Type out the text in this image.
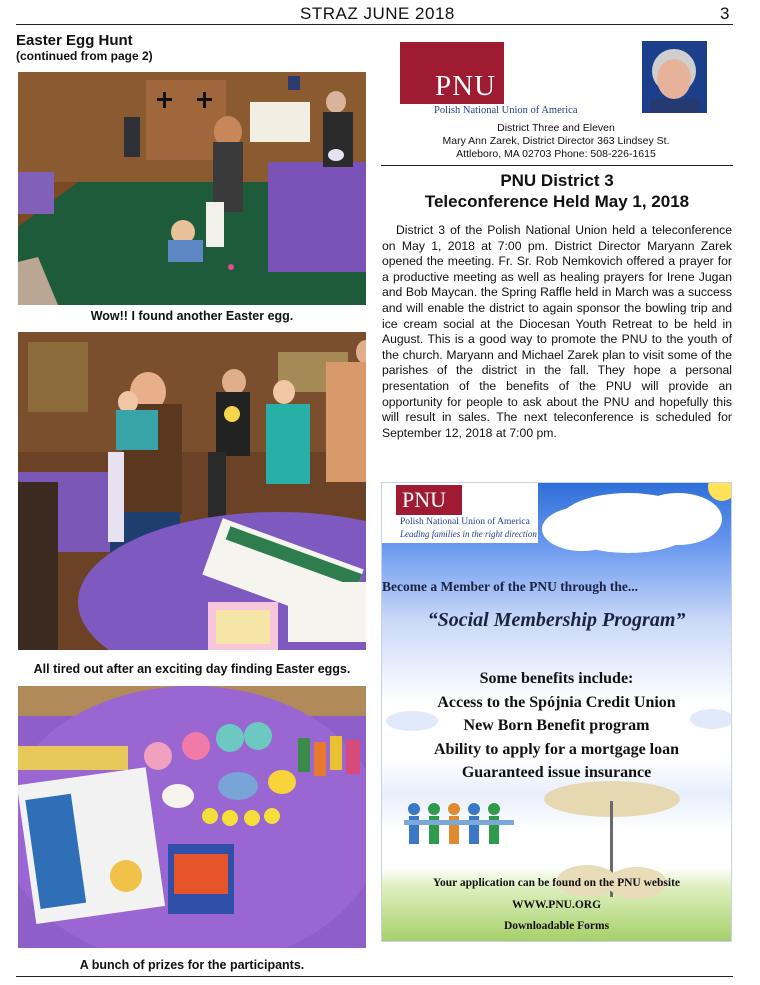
STRAZ JUNE 2018	3
Easter Egg Hunt
(continued from page 2)
Wow!! I found another Easter egg.
All tired out after an exciting day finding Easter eggs.
A bunch of prizes for the participants.
PNU
Polish National Union of America
District Three and Eleven
Mary Ann Zarek, District Director 363 Lindsey St.
Attleboro, MA 02703 Phone: 508-226-1615
PNU District 3
Teleconference Held May 1, 2018
District 3 of the Polish National Union held a teleconference on May 1, 2018 at 7:00 pm. District Director Maryann Zarek opened the meeting. Fr. Sr. Rob Nemkovich offered a prayer for a productive meeting as well as healing prayers for Irene Jugan and Bob Maycan. the Spring Raffle held in March was a success and will enable the district to again sponsor the bowling trip and ice cream social at the Diocesan Youth Retreat to be held in August. This is a good way to promote the PNU to the youth of the church. Maryann and Michael Zarek plan to visit some of the parishes of the district in the fall. They hope a personal presentation of the benefits of the PNU will provide an opportunity for people to ask about the PNU and hopefully this will result in sales. The next teleconference is scheduled for September 12, 2018 at 7:00 pm.
PNU
Polish National Union of America
Leading families in the right direction
Become a Member of the PNU through the...
“Social Membership Program”
Some benefits include:
Access to the Spójnia Credit Union
New Born Benefit program
Ability to apply for a mortgage loan
Guaranteed issue insurance
Your application can be found on the PNU website
WWW.PNU.ORG
Downloadable Forms
